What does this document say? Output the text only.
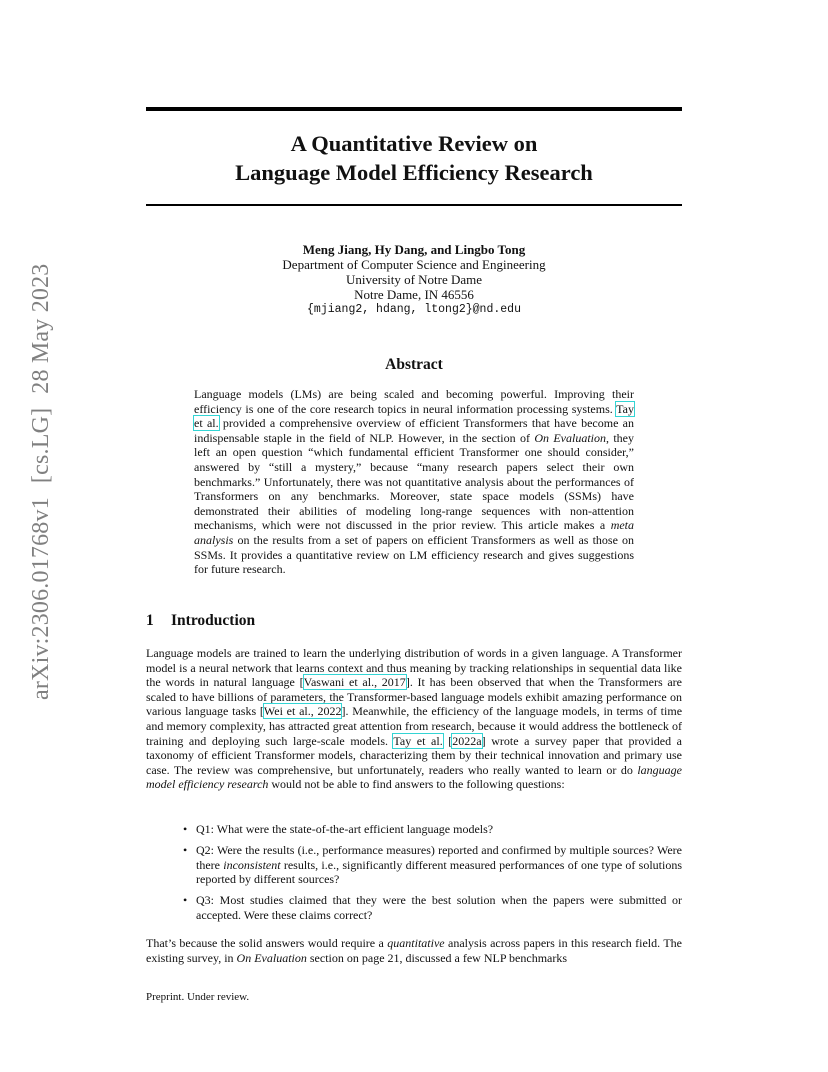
arXiv:2306.01768v1[cs.LG]28 May 2023
A Quantitative Review on
Language Model Efficiency Research
Meng Jiang, Hy Dang, and Lingbo Tong
Department of Computer Science and Engineering
University of Notre Dame
Notre Dame, IN 46556
{mjiang2, hdang, ltong2}@nd.edu
Abstract
Language models (LMs) are being scaled and becoming powerful. Improving their efficiency is one of the core research topics in neural information processing systems. Tay et al. provided a comprehensive overview of efficient Transformers that have become an indispensable staple in the field of NLP. However, in the section of On Evaluation, they left an open question “which fundamental efficient Transformer one should consider,” answered by “still a mystery,” because “many research papers select their own benchmarks.” Unfortunately, there was not quantitative analysis about the performances of Transformers on any benchmarks. Moreover, state space models (SSMs) have demonstrated their abilities of modeling long-range sequences with non-attention mechanisms, which were not discussed in the prior review. This article makes a meta analysis on the results from a set of papers on efficient Transformers as well as those on SSMs. It provides a quantitative review on LM efficiency research and gives suggestions for future research.
1 Introduction
Language models are trained to learn the underlying distribution of words in a given language. A Transformer model is a neural network that learns context and thus meaning by tracking relationships in sequential data like the words in natural language [Vaswani et al., 2017]. It has been observed that when the Transformers are scaled to have billions of parameters, the Transformer-based language models exhibit amazing performance on various language tasks [Wei et al., 2022]. Meanwhile, the efficiency of the language models, in terms of time and memory complexity, has attracted great attention from research, because it would address the bottleneck of training and deploying such large-scale models. Tay et al. [2022a] wrote a survey paper that provided a taxonomy of efficient Transformer models, characterizing them by their technical innovation and primary use case. The review was comprehensive, but unfortunately, readers who really wanted to learn or do language model efficiency research would not be able to find answers to the following questions:
Q1: What were the state-of-the-art efficient language models?
Q2: Were the results (i.e., performance measures) reported and confirmed by multiple sources? Were there inconsistent results, i.e., significantly different measured performances of one type of solutions reported by different sources?
Q3: Most studies claimed that they were the best solution when the papers were submitted or accepted. Were these claims correct?
That’s because the solid answers would require a quantitative analysis across papers in this research field. The existing survey, in On Evaluation section on page 21, discussed a few NLP benchmarks
Preprint. Under review.
